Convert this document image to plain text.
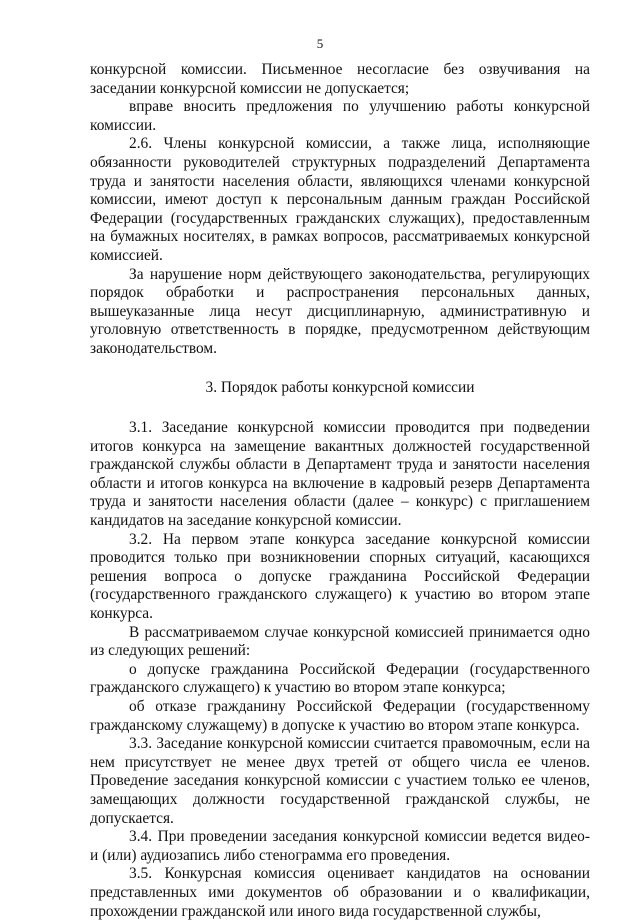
5

конкурсной комиссии. Письменное несогласие без озвучивания на заседании конкурсной комиссии не допускается;

вправе вносить предложения по улучшению работы конкурсной комиссии.

2.6. Члены конкурсной комиссии, а также лица, исполняющие обязанности руководителей структурных подразделений Департамента труда и занятости населения области, являющихся членами конкурсной комиссии, имеют доступ к персональным данным граждан Российской Федерации (государственных гражданских служащих), предоставленным на бумажных носителях, в рамках вопросов, рассматриваемых конкурсной комиссией.

За нарушение норм действующего законодательства, регулирующих порядок обработки и распространения персональных данных, вышеуказанные лица несут дисциплинарную, административную и уголовную ответственность в порядке, предусмотренном действующим законодательством.

3. Порядок работы конкурсной комиссии

3.1. Заседание конкурсной комиссии проводится при подведении итогов конкурса на замещение вакантных должностей государственной гражданской службы области в Департамент труда и занятости населения области и итогов конкурса на включение в кадровый резерв Департамента труда и занятости населения области (далее – конкурс) с приглашением кандидатов на заседание конкурсной комиссии.

3.2. На первом этапе конкурса заседание конкурсной комиссии проводится только при возникновении спорных ситуаций, касающихся решения вопроса о допуске гражданина Российской Федерации (государственного гражданского служащего) к участию во втором этапе конкурса.

В рассматриваемом случае конкурсной комиссией принимается одно из следующих решений:

о допуске гражданина Российской Федерации (государственного гражданского служащего) к участию во втором этапе конкурса;

об отказе гражданину Российской Федерации (государственному гражданскому служащему) в допуске к участию во втором этапе конкурса.

3.3. Заседание конкурсной комиссии считается правомочным, если на нем присутствует не менее двух третей от общего числа ее членов. Проведение заседания конкурсной комиссии с участием только ее членов, замещающих должности государственной гражданской службы, не допускается.

3.4. При проведении заседания конкурсной комиссии ведется видео- и (или) аудиозапись либо стенограмма его проведения.

3.5. Конкурсная комиссия оценивает кандидатов на основании представленных ими документов об образовании и о квалификации, прохождении гражданской или иного вида государственной службы,
